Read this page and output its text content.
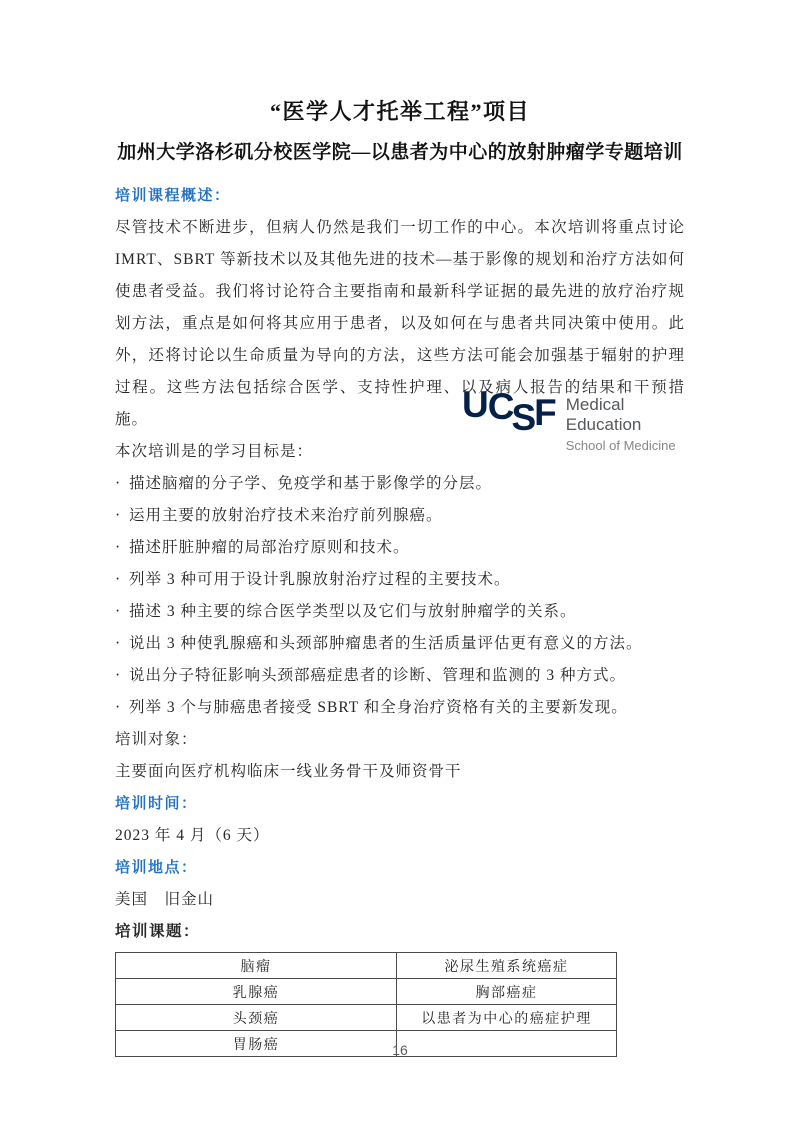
“医学人才托举工程”项目
加州大学洛杉矶分校医学院—以患者为中心的放射肿瘤学专题培训
培训课程概述：

尽管技术不断进步，但病人仍然是我们一切工作的中心。本次培训将重点讨论 IMRT、SBRT 等新技术以及其他先进的技术—基于影像的规划和治疗方法如何使患者受益。我们将讨论符合主要指南和最新科学证据的最先进的放疗治疗规划方法，重点是如何将其应用于患者，以及如何在与患者共同决策中使用。此外，还将讨论以生命质量为导向的方法，这些方法可能会加强基于辐射的护理过程。这些方法包括综合医学、支持性护理、以及病人报告的结果和干预措施。	UCSF Medical
Education
School of Medicine

本次培训是的学习目标是：

· 描述脑瘤的分子学、免疫学和基于影像学的分层。
· 运用主要的放射治疗技术来治疗前列腺癌。
· 描述肝脏肿瘤的局部治疗原则和技术。
· 列举 3 种可用于设计乳腺放射治疗过程的主要技术。
· 描述 3 种主要的综合医学类型以及它们与放射肿瘤学的关系。
· 说出 3 种使乳腺癌和头颈部肿瘤患者的生活质量评估更有意义的方法。
· 说出分子特征影响头颈部癌症患者的诊断、管理和监测的 3 种方式。
· 列举 3 个与肺癌患者接受 SBRT 和全身治疗资格有关的主要新发现。

培训对象：

主要面向医疗机构临床一线业务骨干及师资骨干

培训时间：

2023 年 4 月（6 天）

培训地点：

美国　旧金山

培训课题：

脑瘤	泌尿生殖系统癌症
乳腺癌	胸部癌症
头颈癌	以患者为中心的癌症护理
胃肠癌		16
